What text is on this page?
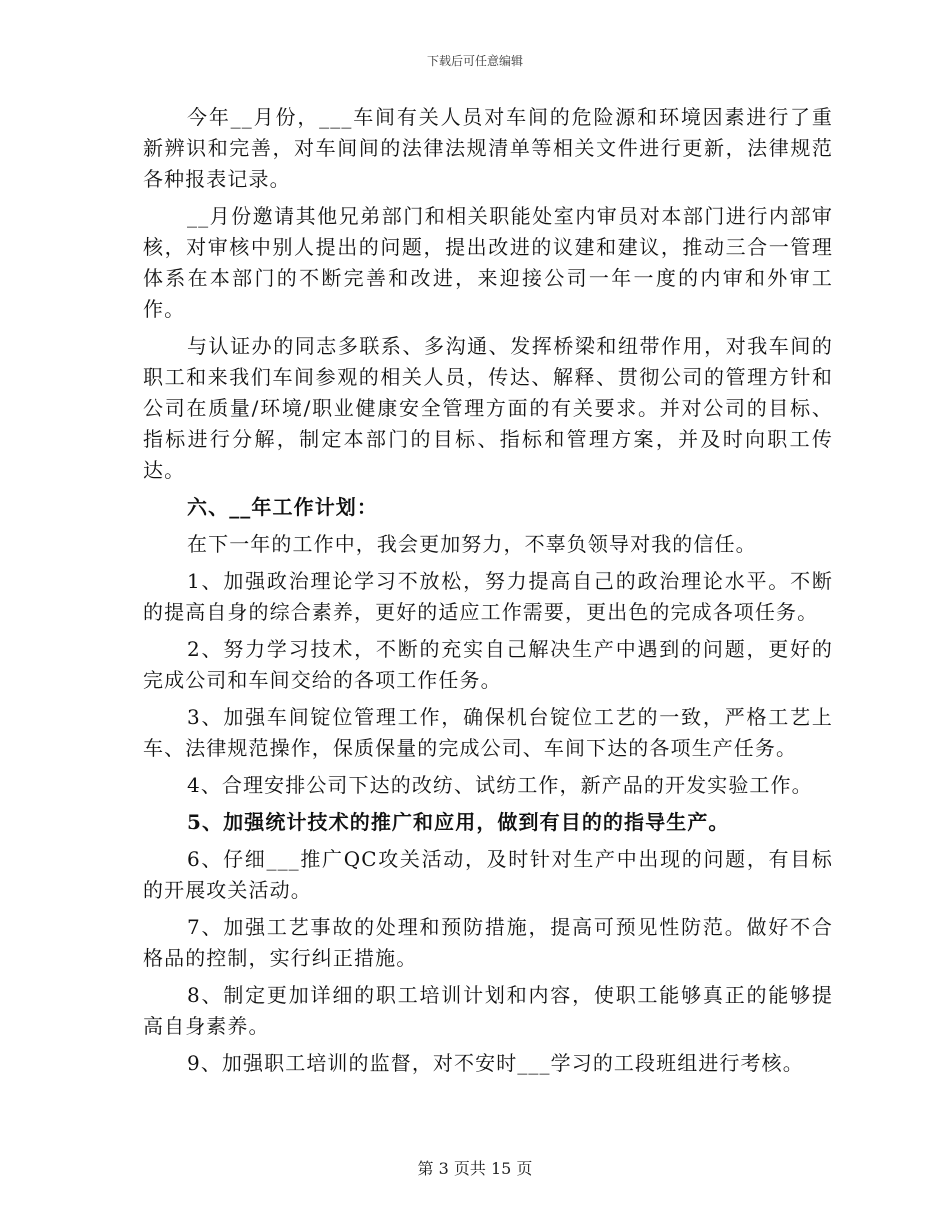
下载后可任意编辑

今年__月份，___车间有关人员对车间的危险源和环境因素进行了重新辨识和完善，对车间间的法律法规清单等相关文件进行更新，法律规范各种报表记录。

__月份邀请其他兄弟部门和相关职能处室内审员对本部门进行内部审核，对审核中别人提出的问题，提出改进的议建和建议，推动三合一管理体系在本部门的不断完善和改进，来迎接公司一年一度的内审和外审工作。

与认证办的同志多联系、多沟通、发挥桥梁和纽带作用，对我车间的职工和来我们车间参观的相关人员，传达、解释、贯彻公司的管理方针和公司在质量/环境/职业健康安全管理方面的有关要求。并对公司的目标、指标进行分解，制定本部门的目标、指标和管理方案，并及时向职工传达。

六、__年工作计划：

在下一年的工作中，我会更加努力，不辜负领导对我的信任。

1、加强政治理论学习不放松，努力提高自己的政治理论水平。不断的提高自身的综合素养，更好的适应工作需要，更出色的完成各项任务。

2、努力学习技术，不断的充实自己解决生产中遇到的问题，更好的完成公司和车间交给的各项工作任务。

3、加强车间锭位管理工作，确保机台锭位工艺的一致，严格工艺上车、法律规范操作，保质保量的完成公司、车间下达的各项生产任务。

4、合理安排公司下达的改纺、试纺工作，新产品的开发实验工作。

5、加强统计技术的推广和应用，做到有目的的指导生产。

6、仔细___推广QC攻关活动，及时针对生产中出现的问题，有目标的开展攻关活动。

7、加强工艺事故的处理和预防措施，提高可预见性防范。做好不合格品的控制，实行纠正措施。

8、制定更加详细的职工培训计划和内容，使职工能够真正的能够提高自身素养。

9、加强职工培训的监督，对不安时___学习的工段班组进行考核。

第 3 页共 15 页
